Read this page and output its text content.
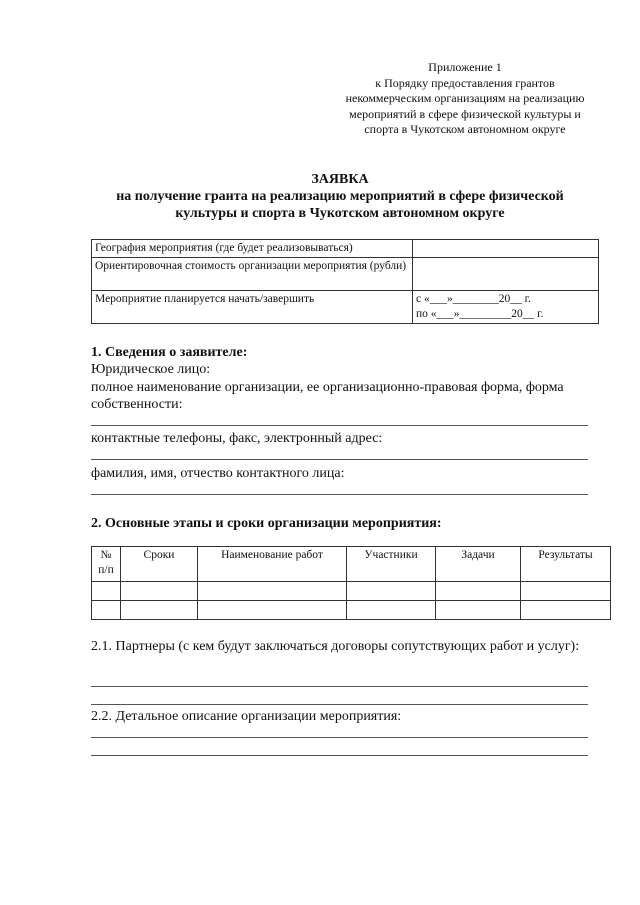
Приложение 1
к Порядку предоставления грантов
некоммерческим организациям на реализацию
мероприятий в сфере физической культуры и
спорта в Чукотском автономном округе
ЗАЯВКА
на получение гранта на реализацию мероприятий в сфере физической
культуры и спорта в Чукотском автономном округе
География мероприятия (где будет реализовываться)	
Ориентировочная стоимость организации мероприятия (рубли)	
Мероприятие планируется начать/завершить	с «___»________20__ г.
по «___»_________20__ г.
1. Сведения о заявителе:
Юридическое лицо:
полное наименование организации, ее организационно-правовая форма, форма собственности:
контактные телефоны, факс, электронный адрес:
фамилия, имя, отчество контактного лица:
2. Основные этапы и сроки организации мероприятия:
№ п/п	Сроки	Наименование работ	Участники	Задачи	Результаты

2.1. Партнеры (с кем будут заключаться договоры сопутствующих работ и услуг):
2.2. Детальное описание организации мероприятия:
